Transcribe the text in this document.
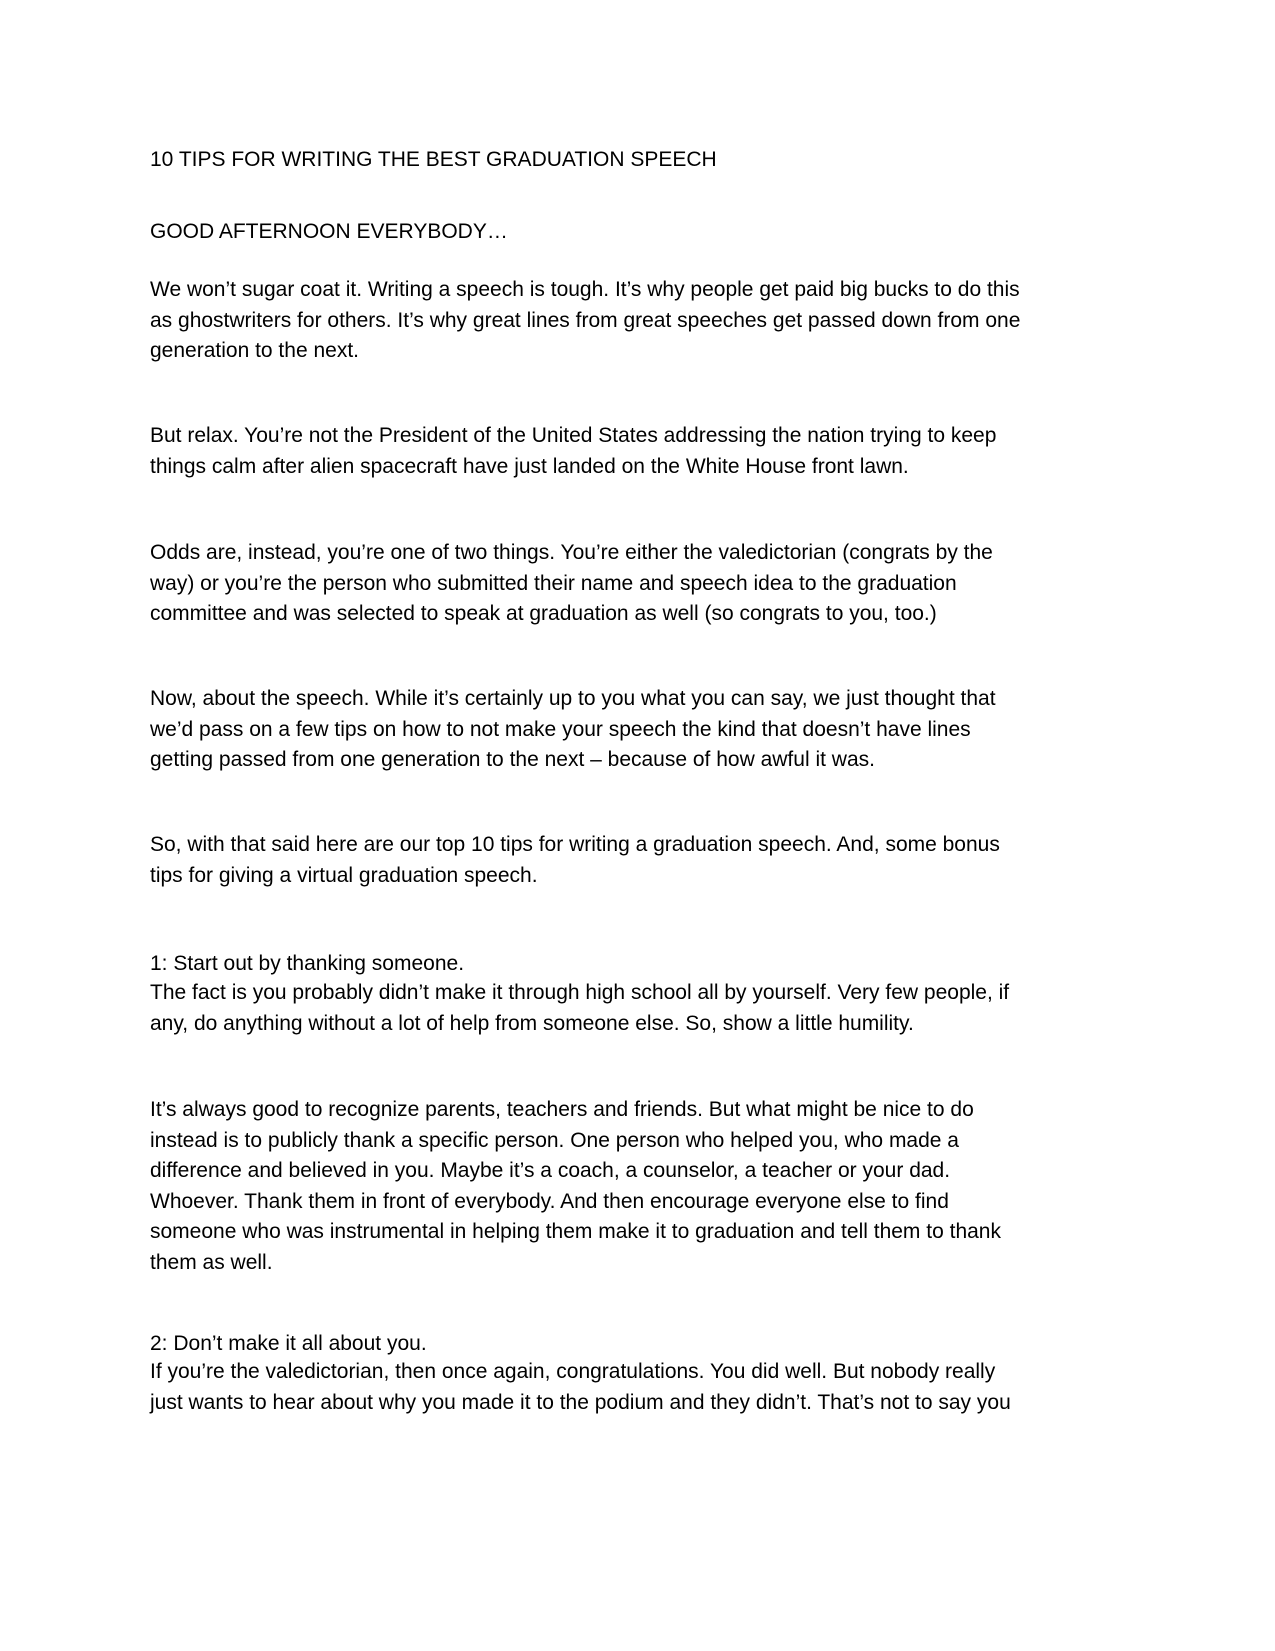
10 TIPS FOR WRITING THE BEST GRADUATION SPEECH

GOOD AFTERNOON EVERYBODY…

We won’t sugar coat it. Writing a speech is tough. It’s why people get paid big bucks to do this
as ghostwriters for others. It’s why great lines from great speeches get passed down from one
generation to the next.

But relax. You’re not the President of the United States addressing the nation trying to keep
things calm after alien spacecraft have just landed on the White House front lawn.

Odds are, instead, you’re one of two things. You’re either the valedictorian (congrats by the
way) or you’re the person who submitted their name and speech idea to the graduation
committee and was selected to speak at graduation as well (so congrats to you, too.)

Now, about the speech. While it’s certainly up to you what you can say, we just thought that
we’d pass on a few tips on how to not make your speech the kind that doesn’t have lines
getting passed from one generation to the next – because of how awful it was.

So, with that said here are our top 10 tips for writing a graduation speech. And, some bonus
tips for giving a virtual graduation speech.

1: Start out by thanking someone.

The fact is you probably didn’t make it through high school all by yourself. Very few people, if
any, do anything without a lot of help from someone else. So, show a little humility.

It’s always good to recognize parents, teachers and friends. But what might be nice to do
instead is to publicly thank a specific person. One person who helped you, who made a
difference and believed in you. Maybe it’s a coach, a counselor, a teacher or your dad.
Whoever. Thank them in front of everybody. And then encourage everyone else to find
someone who was instrumental in helping them make it to graduation and tell them to thank
them as well.

2: Don’t make it all about you.

If you’re the valedictorian, then once again, congratulations. You did well. But nobody really
just wants to hear about why you made it to the podium and they didn’t. That’s not to say you
